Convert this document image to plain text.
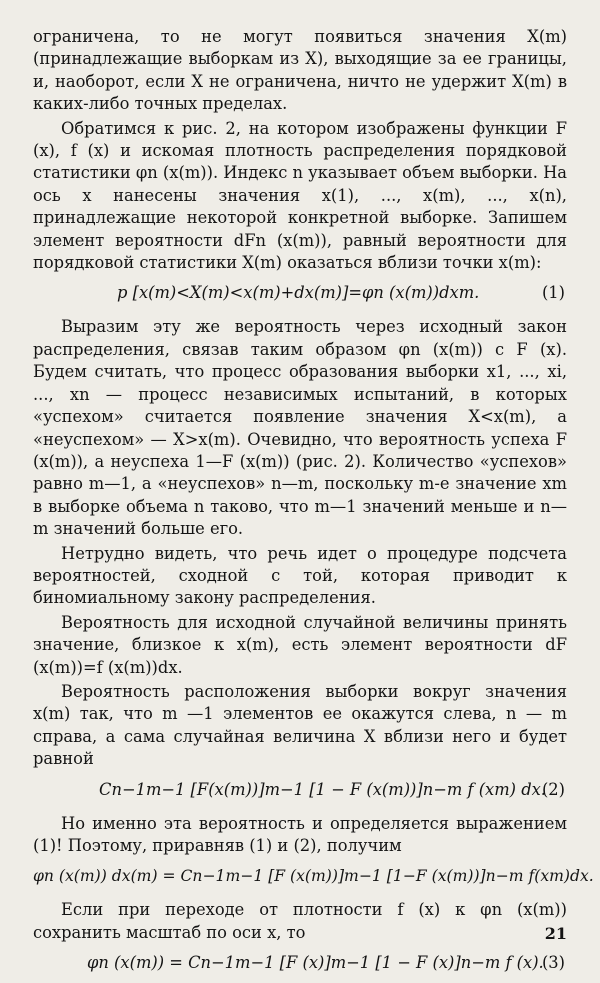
ограничена, то не могут появиться значения X(m) (принадлежащие выборкам из X), выходящие за ее границы, и, наоборот, если X не ограничена, ничто не удержит X(m) в каких-либо точных пределах.

Обратимся к рис. 2, на котором изображены функции F (x), f (x) и искомая плотность распределения порядковой статистики φn (x(m)). Индекс n указывает объем выборки. На ось x нанесены значения x(1), ..., x(m), ..., x(n), принадлежащие некоторой конкретной выборке. Запишем элемент вероятности dFn (x(m)), равный вероятности для порядковой статистики X(m) оказаться вблизи точки x(m):

p [x(m)<X(m)<x(m)+dx(m)]=φn (x(m))dxm.	(1)

Выразим эту же вероятность через исходный закон распределения, связав таким образом φn (x(m)) с F (x). Будем считать, что процесс образования выборки x1, ..., xi, ..., xn — процесс независимых испытаний, в которых «успехом» считается появление значения X<x(m), а «неуспехом» — X>x(m). Очевидно, что вероятность успеха F (x(m)), а неуспеха 1—F (x(m)) (рис. 2). Количество «успехов» равно m—1, а «неуспехов» n—m, поскольку m-е значение xm в выборке объема n таково, что m—1 значений меньше и n—m значений больше его.

Нетрудно видеть, что речь идет о процедуре подсчета вероятностей, сходной с той, которая приводит к биномиальному закону распределения.

Вероятность для исходной случайной величины принять значение, близкое к x(m), есть элемент вероятности dF (x(m))=f (x(m))dx.

Вероятность расположения выборки вокруг значения x(m) так, что m —1 элементов ее окажутся слева, n — m справа, а сама случайная величина X вблизи него и будет равной

Cn−1m−1 [F(x(m))]m−1 [1 − F (x(m))]n−m f (xm) dx.
(2)

Но именно эта вероятность и определяется выражением (1)! Поэтому, приравняв (1) и (2), получим

φn (x(m)) dx(m) = Cn−1m−1 [F (x(m))]m−1 [1−F (x(m))]n−m f(xm)dx.

Если при переходе от плотности f (x) к φn (x(m)) сохранить масштаб по оси x, то

φn (x(m)) = Cn−1m−1 [F (x)]m−1 [1 − F (x)]n−m f (x).
(3)
21
